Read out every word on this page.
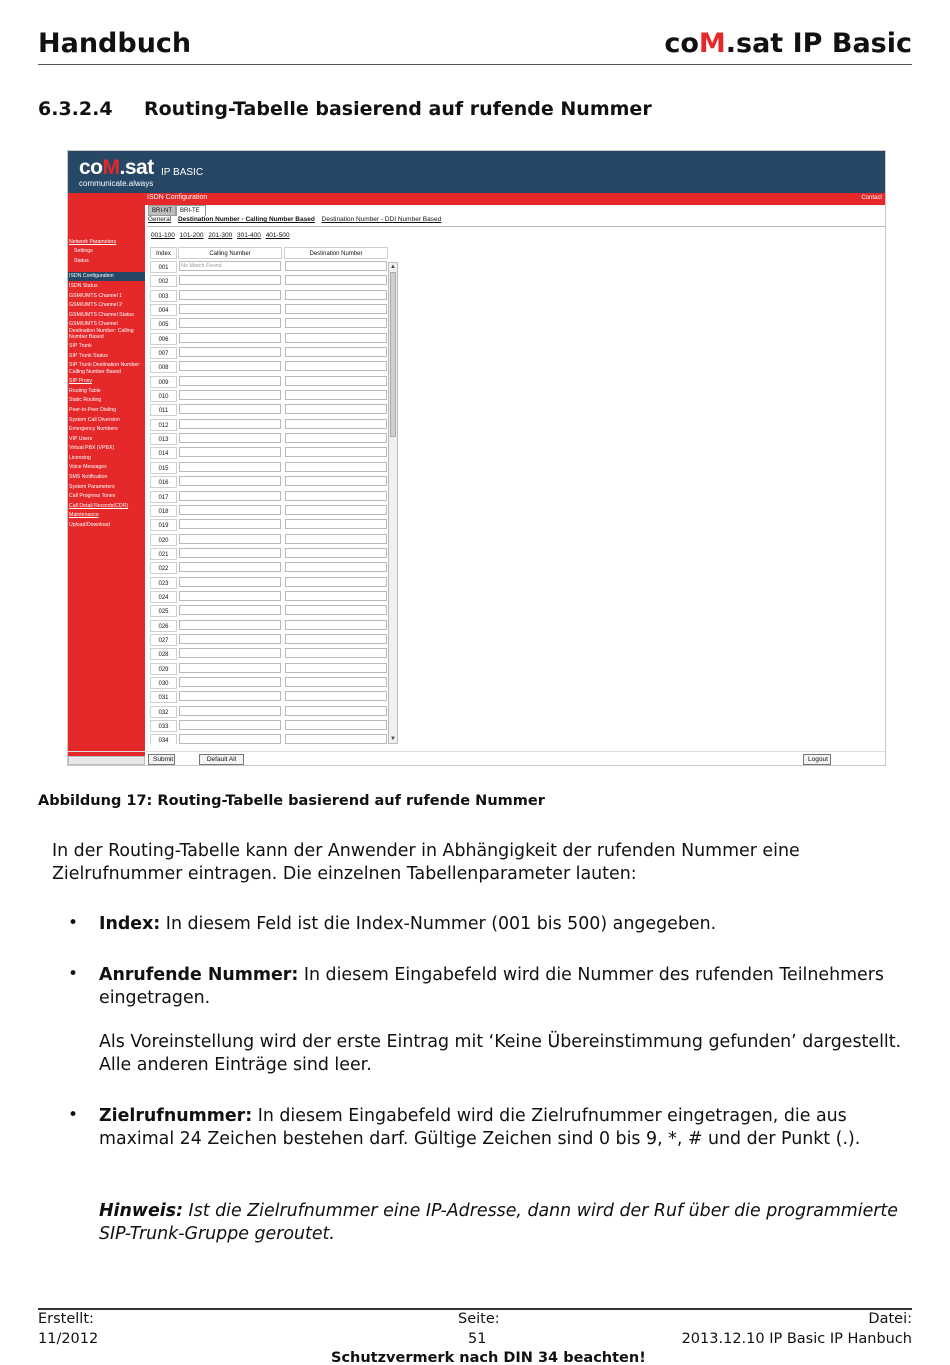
Handbuch	coM.sat IP Basic
6.3.2.4 Routing-Tabelle basierend auf rufende Nummer
coM.sat
communicate.always
IP BASIC
Network Parameters
Settings
Status
ISDN Configuration
ISDN Status
GSM/UMTS Channel 1
GSM/UMTS Channel 2
GSM/UMTS Channel Status
GSM/UMTS Channel Destination Number: Calling Number Based
SIP Trunk
SIP Trunk Status
SIP Trunk Destination Number: Calling Number Based
SIP Proxy
Routing Table
Static Routing
Peer-to-Peer Dialing
System Call Diversion
Emergency Numbers
VIP Users
Virtual PBX (VPBX)
Licensing
Voice Messages
SMS Notification
System Parameters
Call Progress Tones
Call Detail Records(CDR)
Maintenance
Upload/Download
ISDN Configuration	Contact
BRI-NT	BRI-TE
General Destination Number - Calling Number Based Destination Number - DDI Number Based
001-100 101-200 201-300 301-400 401-500
Index	Calling Number	Destination Number
001	No Match Found
002
003
004
005
006
007
008
009
010
011
012
013
014
015
016
017
018
019
020
021
022
023
024
025
026
027
028
029
030
031
032
033
034
▲
▼
Submit	Default All	Logout
Abbildung 17: Routing-Tabelle basierend auf rufende Nummer
In der Routing-Tabelle kann der Anwender in Abhängigkeit der rufenden Nummer eine Zielrufnummer eintragen. Die einzelnen Tabellenparameter lauten:
• Index: In diesem Feld ist die Index-Nummer (001 bis 500) angegeben.
• Anrufende Nummer: In diesem Eingabefeld wird die Nummer des rufenden Teilnehmers eingetragen.
Als Voreinstellung wird der erste Eintrag mit ‘Keine Übereinstimmung gefunden’ dargestellt. Alle anderen Einträge sind leer.
• Zielrufnummer: In diesem Eingabefeld wird die Zielrufnummer eingetragen, die aus maximal 24 Zeichen bestehen darf. Gültige Zeichen sind 0 bis 9, *, # und der Punkt (.).
Hinweis: Ist die Zielrufnummer eine IP-Adresse, dann wird der Ruf über die programmierte SIP-Trunk-Gruppe geroutet.
Erstellt:
11/2012
Seite:
51
Datei:
2013.12.10 IP Basic IP Hanbuch
Schutzvermerk nach DIN 34 beachten!
